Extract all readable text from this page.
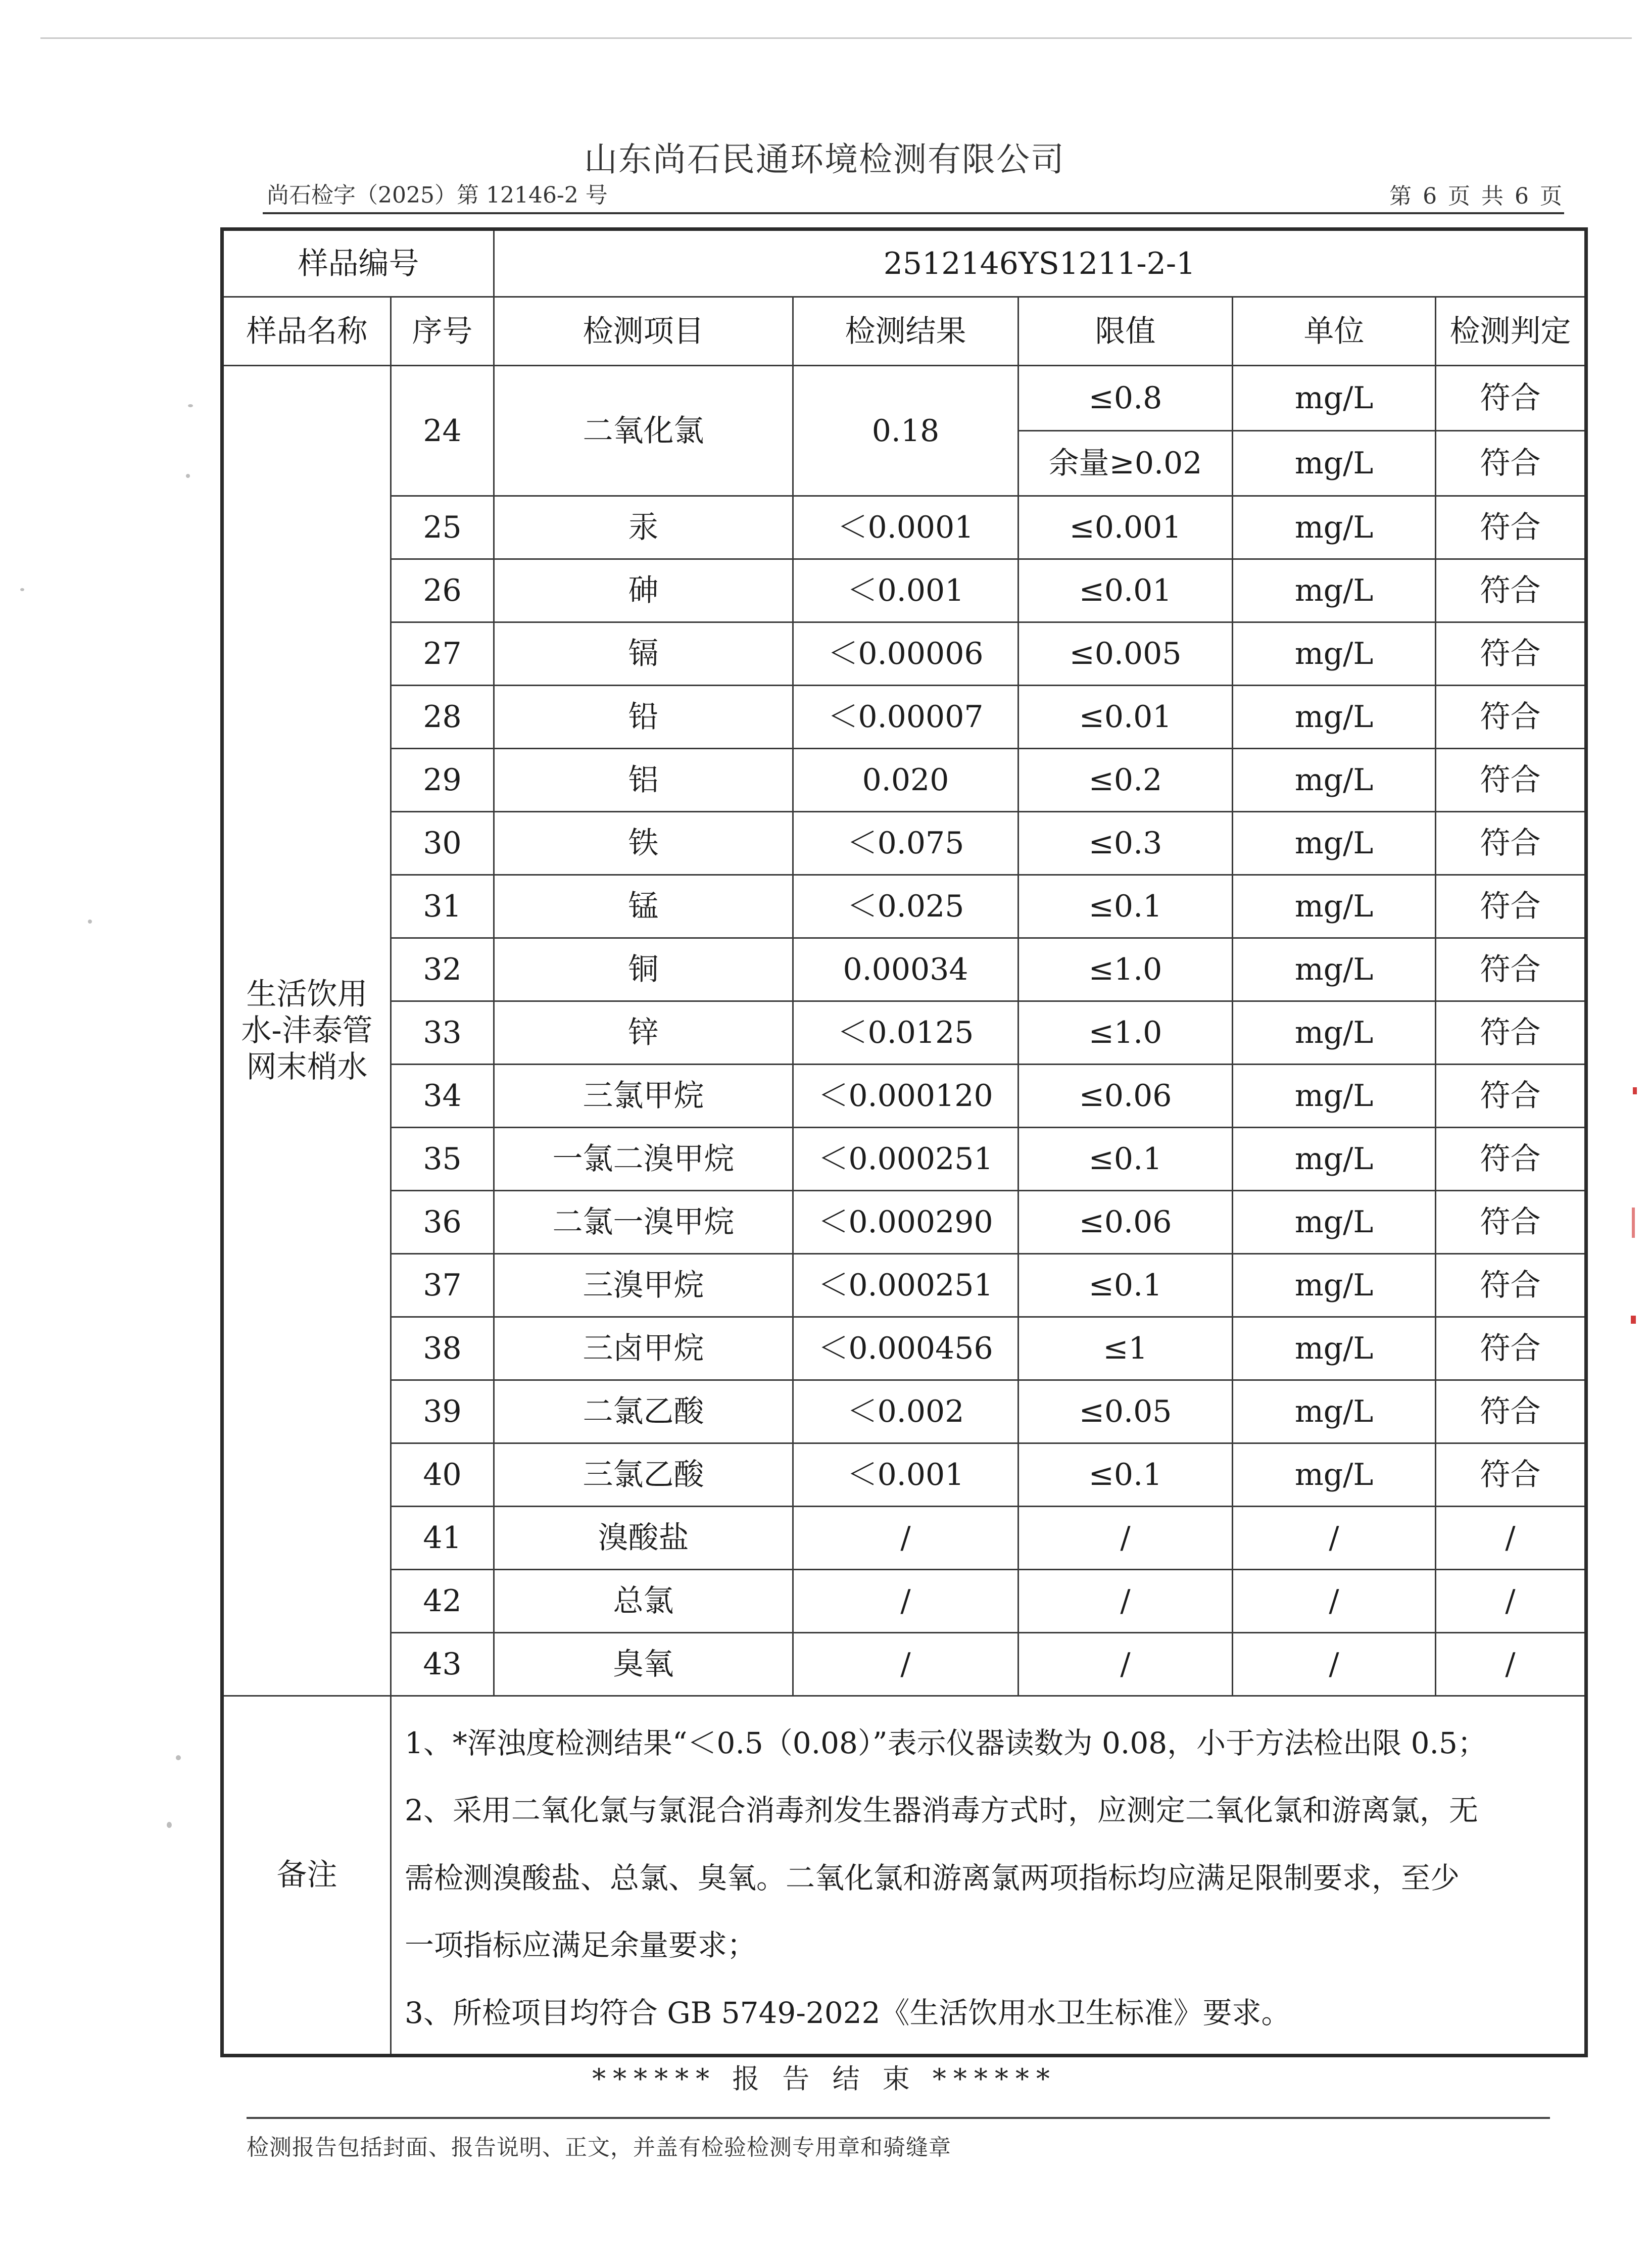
山东尚石民通环境检测有限公司
尚石检字（2025）第 12146-2 号	第 6 页 共 6 页
样品编号		2512146YS1211-2-1				
样品名称	序号	检测项目	检测结果	限值	单位	检测判定
生活饮用水-沣泰管网末梢水	24	二氧化氯	0.18	≤0.8	mg/L	符合
				余量≥0.02	mg/L	符合
	25	汞	＜0.0001	≤0.001	mg/L	符合
	26	砷	＜0.001	≤0.01	mg/L	符合
	27	镉	＜0.00006	≤0.005	mg/L	符合
	28	铅	＜0.00007	≤0.01	mg/L	符合
	29	铝	0.020	≤0.2	mg/L	符合
	30	铁	＜0.075	≤0.3	mg/L	符合
	31	锰	＜0.025	≤0.1	mg/L	符合
	32	铜	0.00034	≤1.0	mg/L	符合
	33	锌	＜0.0125	≤1.0	mg/L	符合
	34	三氯甲烷	＜0.000120	≤0.06	mg/L	符合
	35	一氯二溴甲烷	＜0.000251	≤0.1	mg/L	符合
	36	二氯一溴甲烷	＜0.000290	≤0.06	mg/L	符合
	37	三溴甲烷	＜0.000251	≤0.1	mg/L	符合
	38	三卤甲烷	＜0.000456	≤1	mg/L	符合
	39	二氯乙酸	＜0.002	≤0.05	mg/L	符合
	40	三氯乙酸	＜0.001	≤0.1	mg/L	符合
	41	溴酸盐	/	/	/	/
	42	总氯	/	/	/	/
	43	臭氧	/	/	/	/
备注	1、*浑浊度检测结果“＜0.5（0.08）”表示仪器读数为 0.08，小于方法检出限 0.5；
2、采用二氧化氯与氯混合消毒剂发生器消毒方式时，应测定二氧化氯和游离氯，无
需检测溴酸盐、总氯、臭氧。二氧化氯和游离氯两项指标均应满足限制要求，至少
一项指标应满足余量要求；
3、所检项目均符合 GB 5749-2022《生活饮用水卫生标准》要求。					
****** 报 告 结 束 ******
检测报告包括封面、报告说明、正文，并盖有检验检测专用章和骑缝章
